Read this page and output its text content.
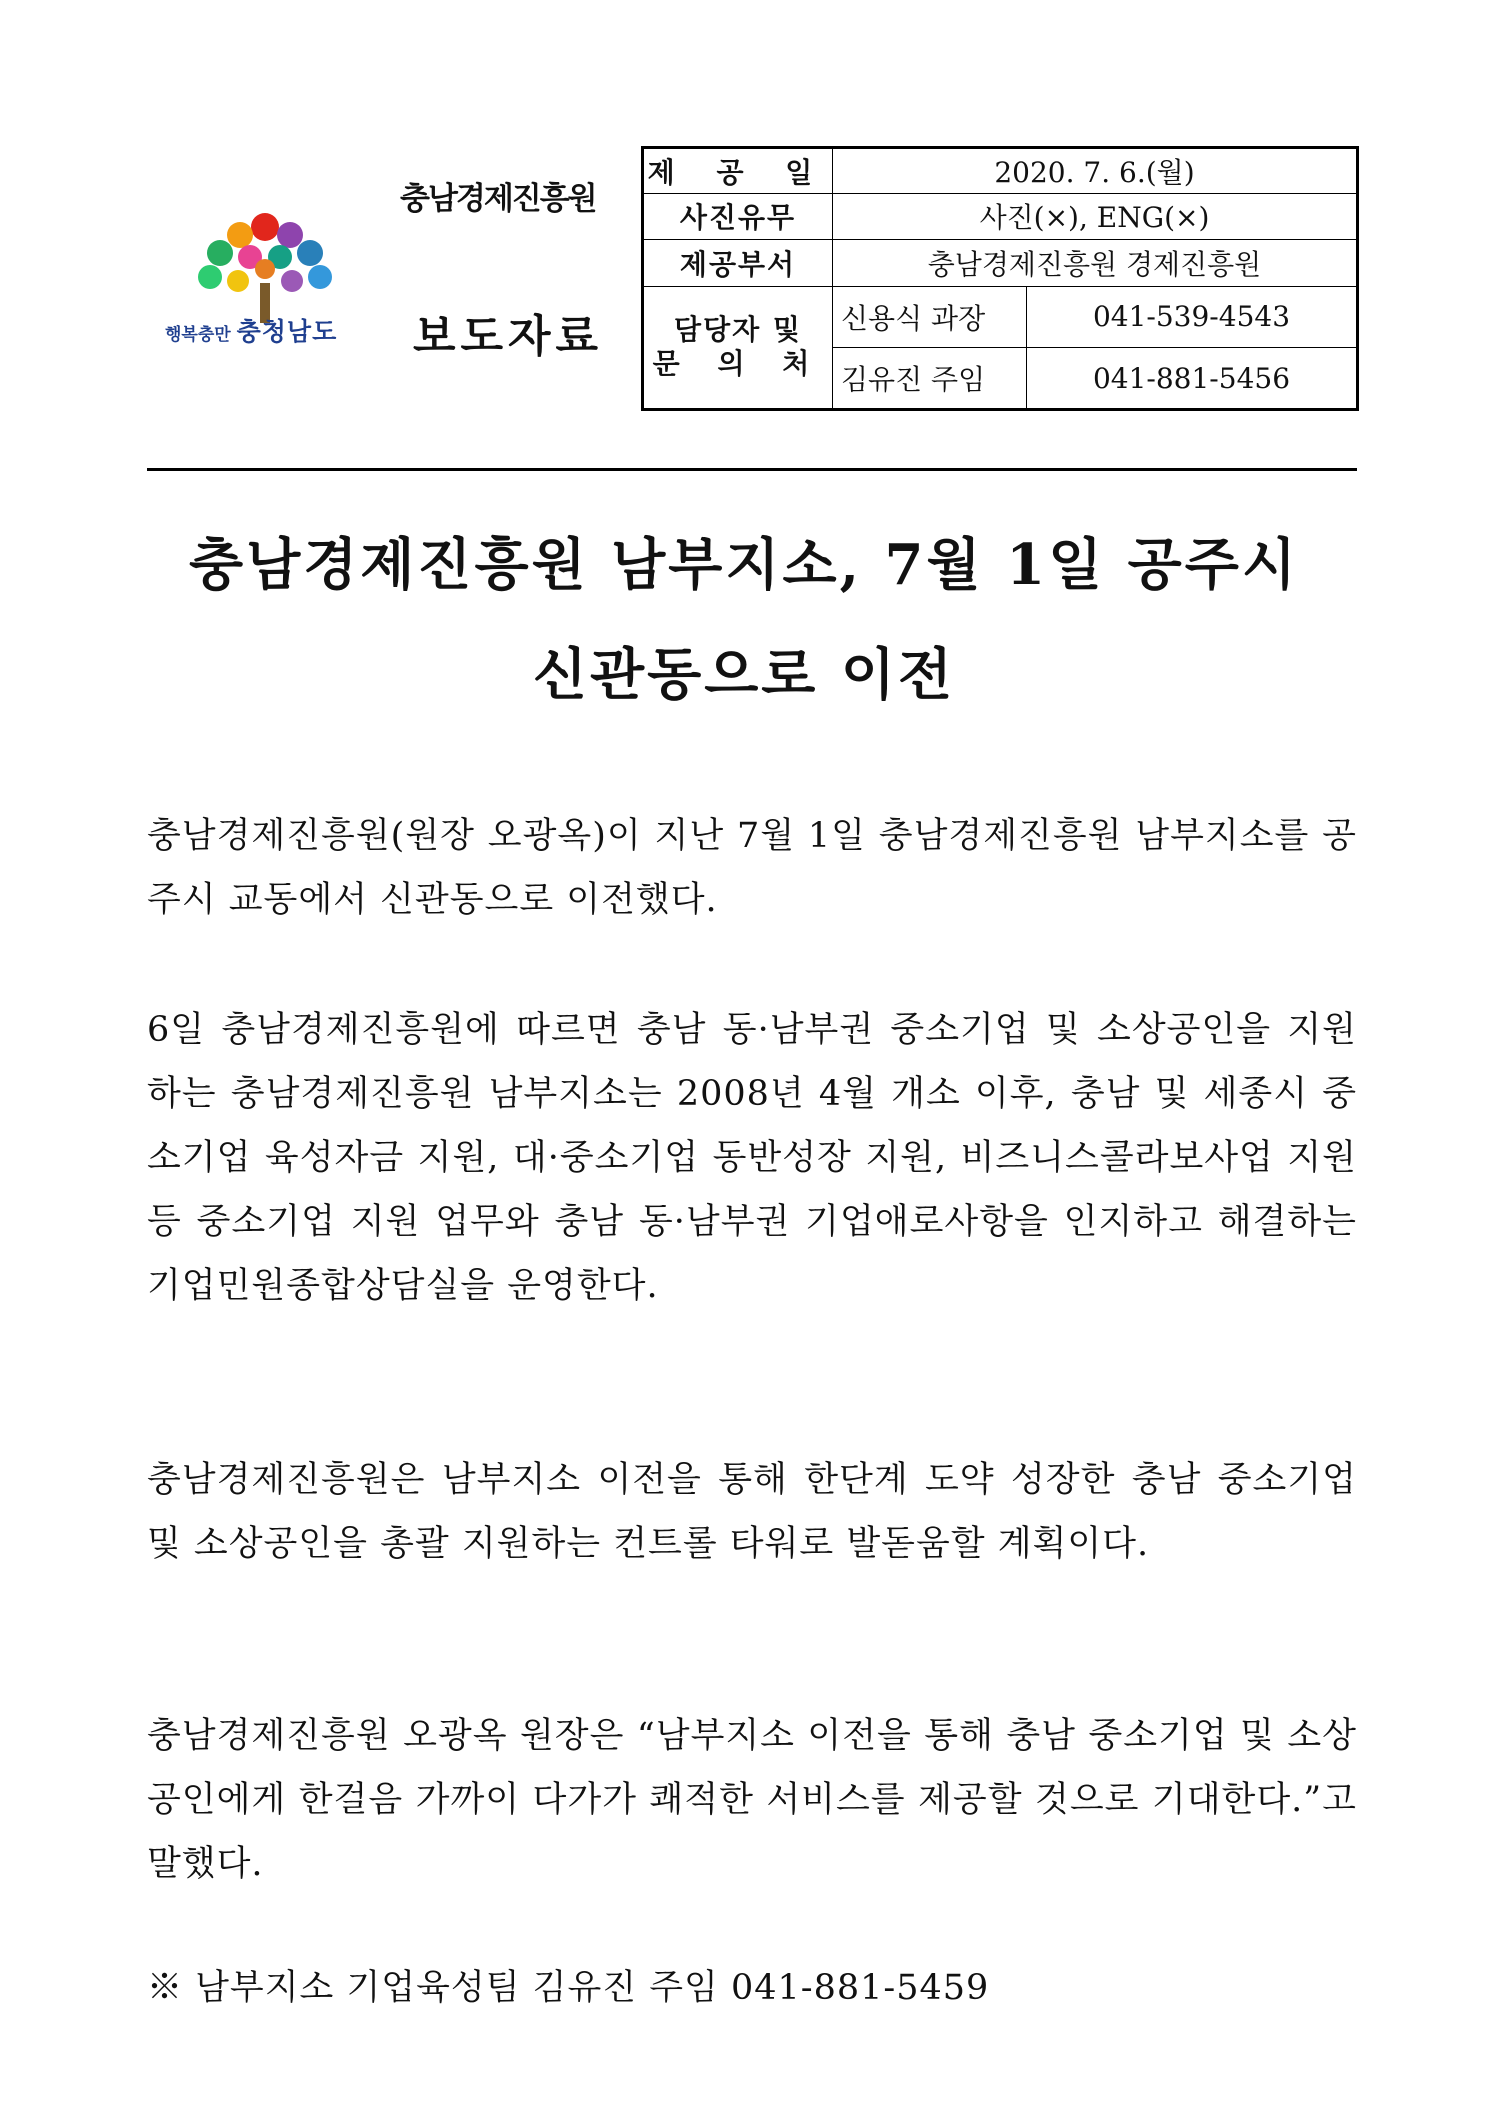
행복충만 충청남도
충남경제진흥원
보도자료
제 공 일	2020. 7. 6.(월)	
사진유무	사진(×), ENG(×)	
제공부서	충남경제진흥원 경제진흥원	

담당자 및
문 의 처	신용식 과장	041-539-4543
	김유진 주임	041-881-5456
충남경제진흥원 남부지소, 7월 1일 공주시
신관동으로 이전
충남경제진흥원(원장 오광옥)이 지난 7월 1일 충남경제진흥원 남부지소를 공주시 교동에서 신관동으로 이전했다.
6일 충남경제진흥원에 따르면 충남 동·남부권 중소기업 및 소상공인을 지원하는 충남경제진흥원 남부지소는 2008년 4월 개소 이후, 충남 및 세종시 중소기업 육성자금 지원, 대·중소기업 동반성장 지원, 비즈니스콜라보사업 지원 등 중소기업 지원 업무와 충남 동·남부권 기업애로사항을 인지하고 해결하는 기업민원종합상담실을 운영한다.
충남경제진흥원은 남부지소 이전을 통해 한단계 도약 성장한 충남 중소기업 및 소상공인을 총괄 지원하는 컨트롤 타워로 발돋움할 계획이다.
충남경제진흥원 오광옥 원장은 “남부지소 이전을 통해 충남 중소기업 및 소상공인에게 한걸음 가까이 다가가 쾌적한 서비스를 제공할 것으로 기대한다.”고 말했다.
※ 남부지소 기업육성팀 김유진 주임 041-881-5459
